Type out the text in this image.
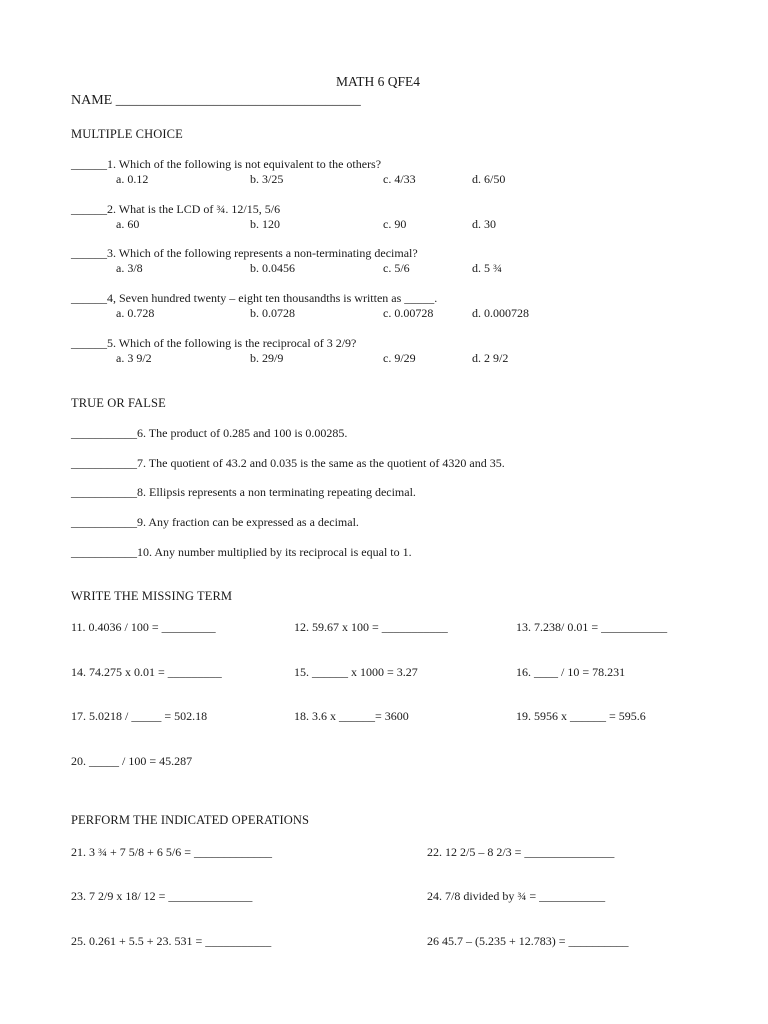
MATH 6 QFE4
NAME ___________________________________
MULTIPLE CHOICE
______1. Which of the following is not equivalent to the others?
a. 0.12	b. 3/25	c. 4/33	d. 6/50
______2. What is the LCD of ¾. 12/15, 5/6
a. 60	b. 120	c. 90	d. 30
______3. Which of the following represents a non-terminating decimal?
a. 3/8	b. 0.0456	c. 5/6	d. 5 ¾
______4, Seven hundred twenty – eight ten thousandths is written as _____.
a. 0.728	b. 0.0728	c. 0.00728	d. 0.000728
______5. Which of the following is the reciprocal of 3 2/9?
a. 3 9/2	b. 29/9	c. 9/29	d. 2 9/2
TRUE OR FALSE
___________6. The product of 0.285 and 100 is 0.00285.
___________7. The quotient of 43.2 and 0.035 is the same as the quotient of 4320 and 35.
___________8. Ellipsis represents a non terminating repeating decimal.
___________9. Any fraction can be expressed as a decimal.
___________10. Any number multiplied by its reciprocal is equal to 1.
WRITE THE MISSING TERM
11. 0.4036 / 100 = _________	12. 59.67 x 100 = ___________	13. 7.238/ 0.01 = ___________
14. 74.275 x 0.01 = _________	15. ______ x 1000 = 3.27	16. ____ / 10 = 78.231
17. 5.0218 / _____ = 502.18	18. 3.6 x ______= 3600	19. 5956 x ______ = 595.6
20. _____ / 100 = 45.287
PERFORM THE INDICATED OPERATIONS
21. 3 ¾ + 7 5/8 + 6 5/6 = _____________	22. 12 2/5 – 8 2/3 = _______________
23. 7 2/9 x 18/ 12 = ______________	24. 7/8 divided by ¾ = ___________
25. 0.261 + 5.5 + 23. 531 = ___________	26 45.7 – (5.235 + 12.783) = __________
